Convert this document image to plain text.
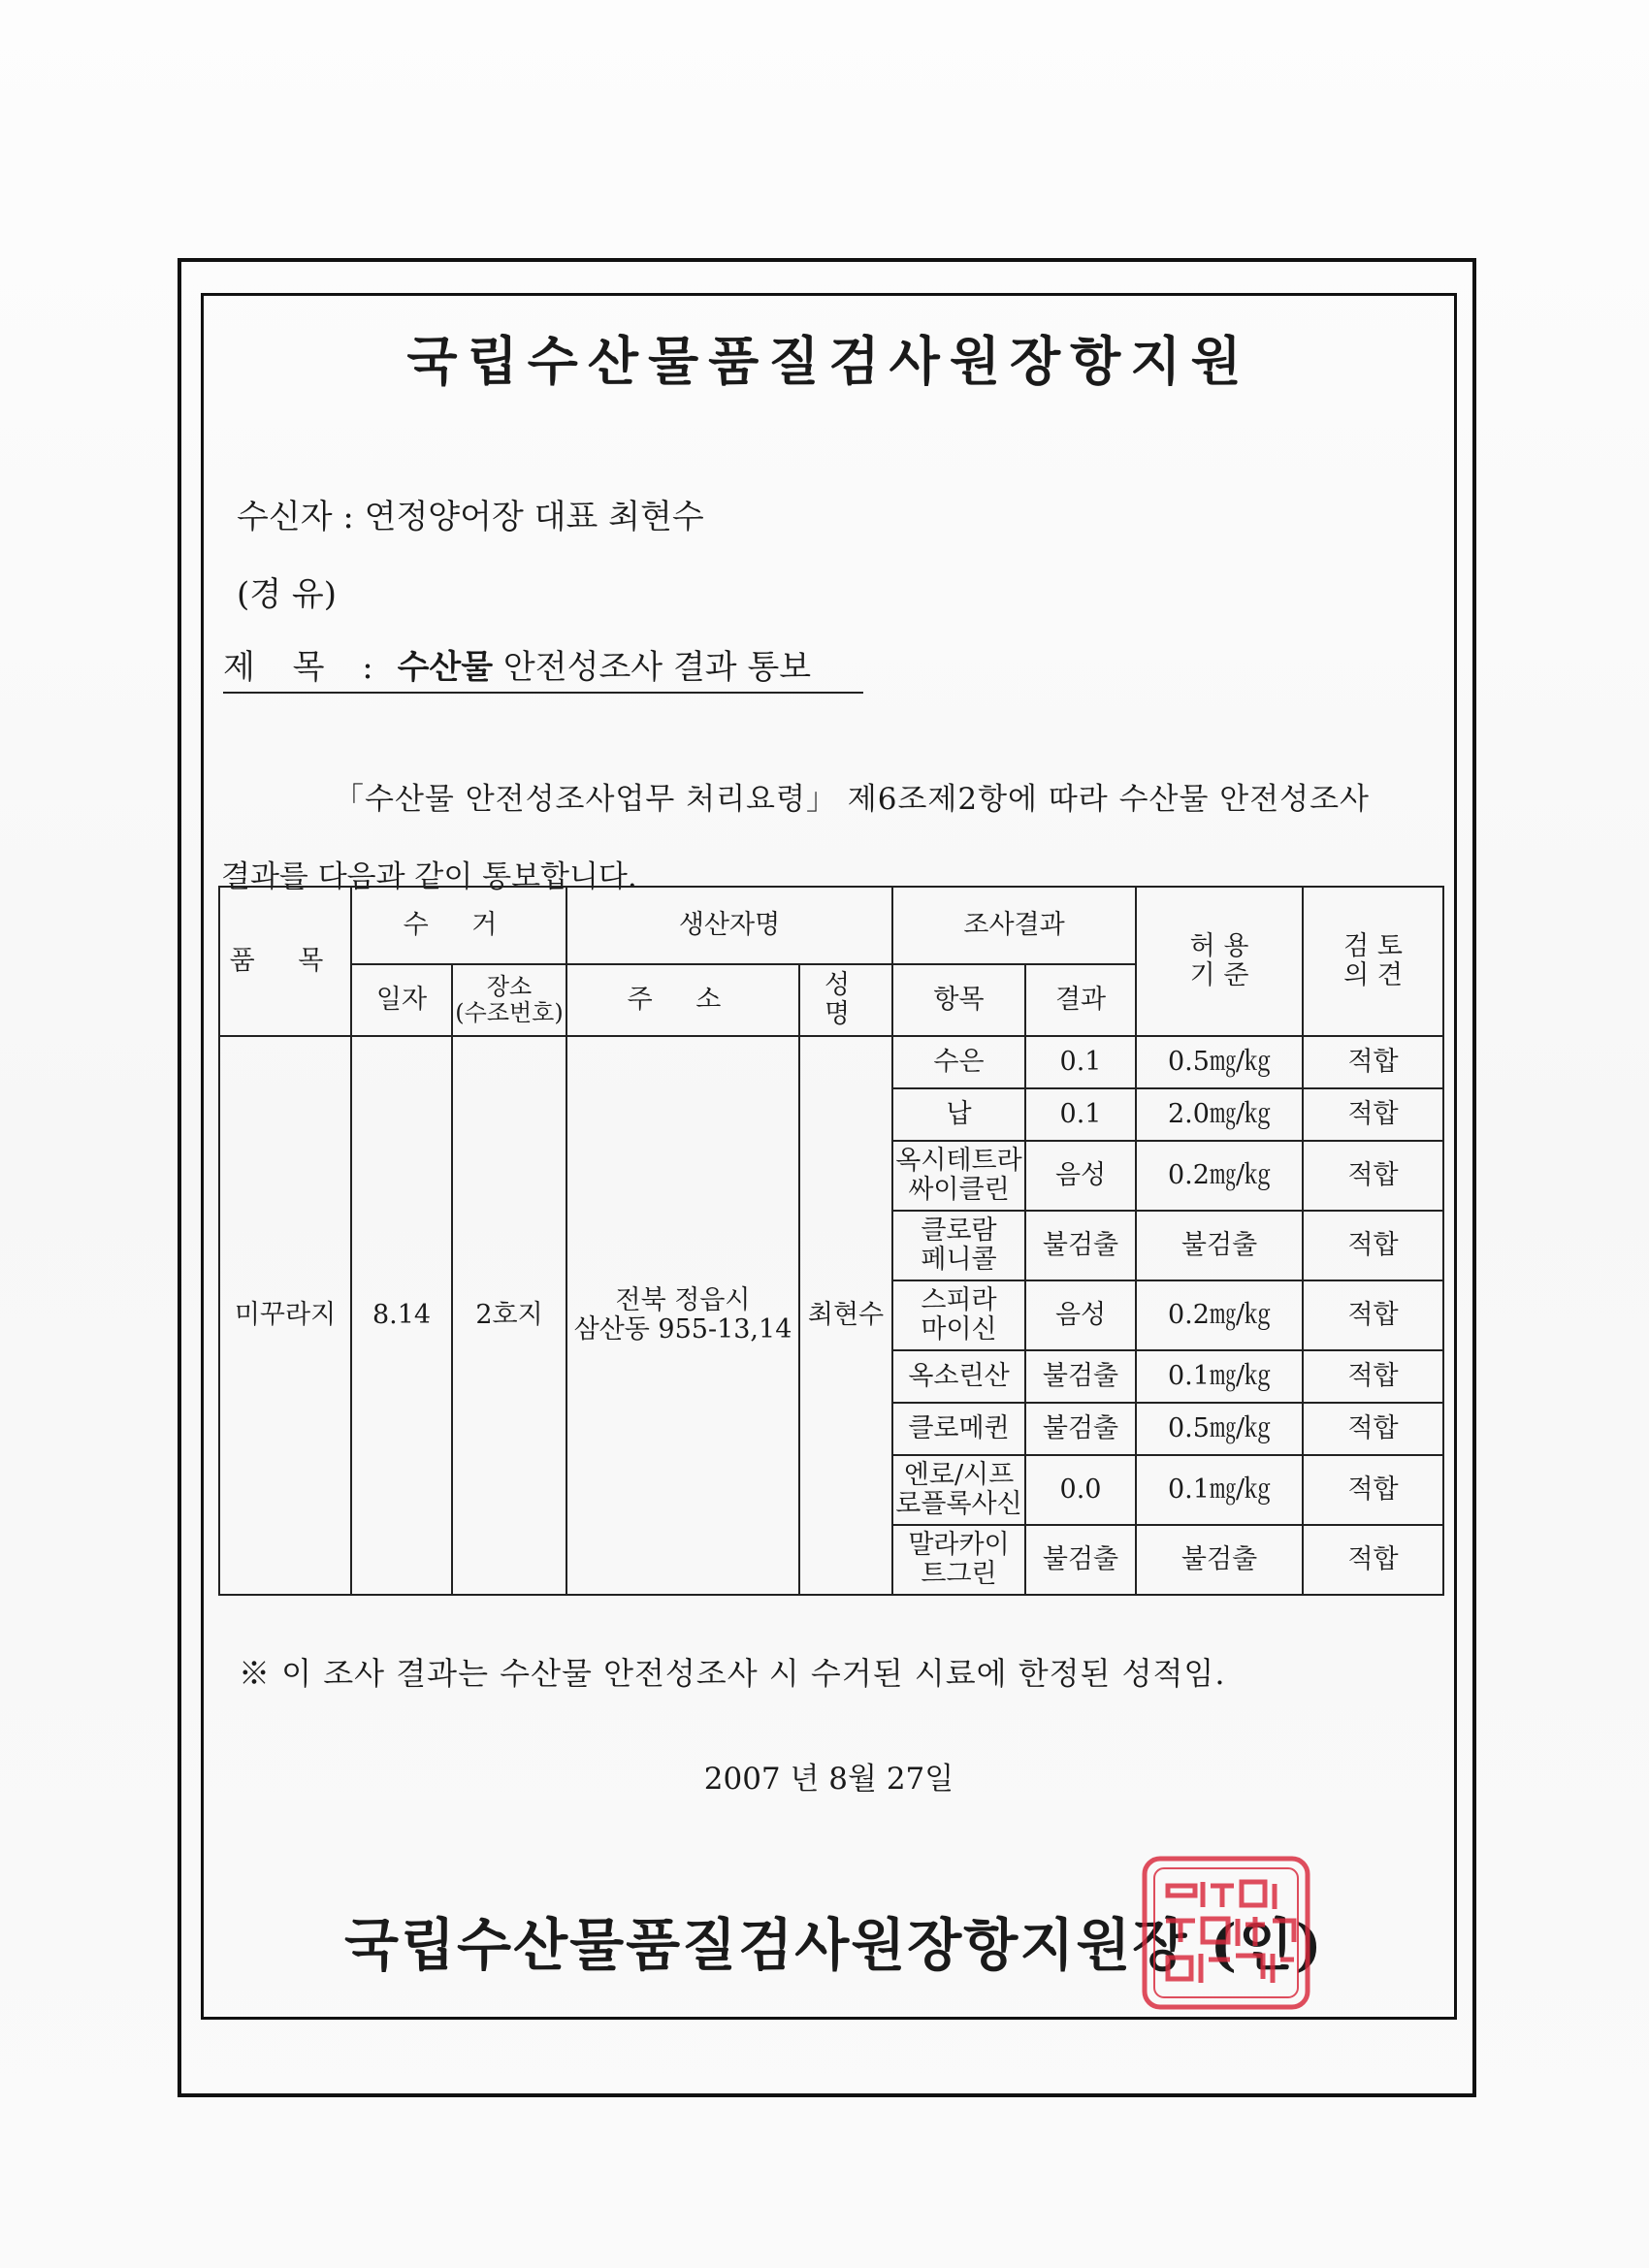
국립수산물품질검사원장항지원
수신자 : 연정양어장 대표 최현수
(경 유)
제 목 : 수산물 안전성조사 결과 통보
「수산물 안전성조사업무 처리요령」 제6조제2항에 따라 수산물 안전성조사
결과를 다음과 같이 통보합니다.
품 목	수 거		생산자명		조사결과		허 용
기 준	검 토
의 견
	일자	장소
(수조번호)	주 소	성 명	항목	결과		
미꾸라지	8.14	2호지	전북 정읍시
삼산동 955-13,14	최현수	수은	0.1	0.5㎎/㎏	적합
					납	0.1	2.0㎎/㎏	적합
					옥시테트라
싸이클린	음성	0.2㎎/㎏	적합
					클로람
페니콜	불검출	불검출	적합
					스피라
마이신	음성	0.2㎎/㎏	적합
					옥소린산	불검출	0.1㎎/㎏	적합
					클로메퀸	불검출	0.5㎎/㎏	적합
					엔로/시프
로플록사신	0.0	0.1㎎/㎏	적합
					말라카이
트그린	불검출	불검출	적합
※ 이 조사 결과는 수산물 안전성조사 시 수거된 시료에 한정된 성적임.
2007 년 8월 27일
국립수산물품질검사원장항지원장 (인)
